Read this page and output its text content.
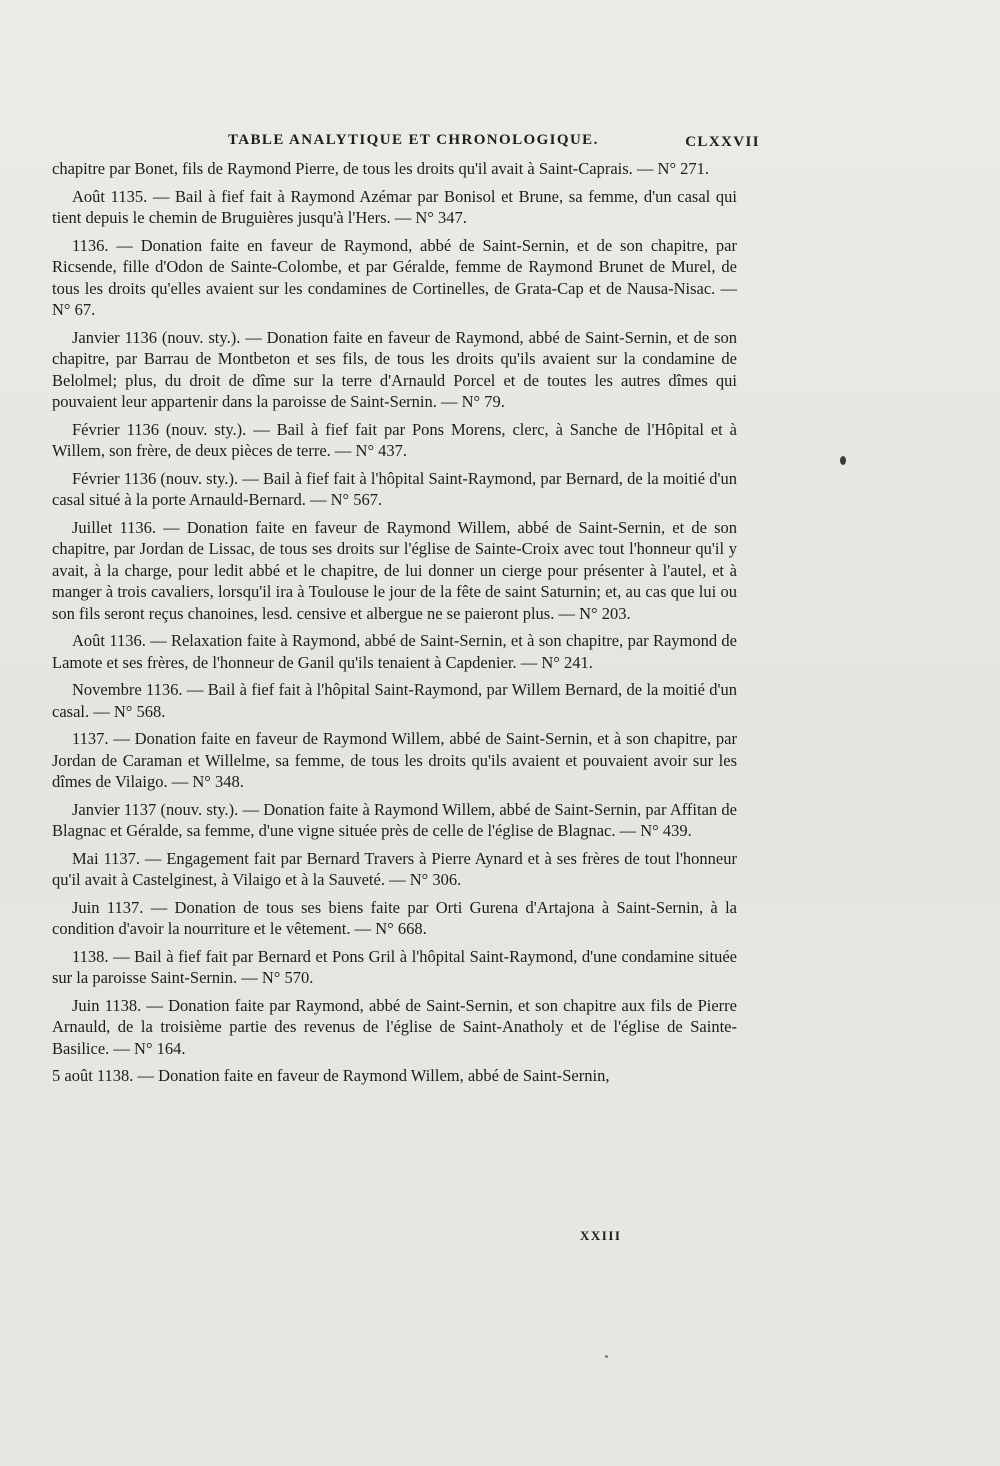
TABLE ANALYTIQUE ET CHRONOLOGIQUE.	CLXXVII

chapitre par Bonet, fils de Raymond Pierre, de tous les droits qu'il avait à Saint-Caprais. — N° 271.

Août 1135. — Bail à fief fait à Raymond Azémar par Bonisol et Brune, sa femme, d'un casal qui tient depuis le chemin de Bruguières jusqu'à l'Hers. — N° 347.

1136. — Donation faite en faveur de Raymond, abbé de Saint-Sernin, et de son chapitre, par Ricsende, fille d'Odon de Sainte-Colombe, et par Géralde, femme de Raymond Brunet de Murel, de tous les droits qu'elles avaient sur les condamines de Cortinelles, de Grata-Cap et de Nausa-Nisac. — N° 67.

Janvier 1136 (nouv. sty.). — Donation faite en faveur de Raymond, abbé de Saint-Sernin, et de son chapitre, par Barrau de Montbeton et ses fils, de tous les droits qu'ils avaient sur la condamine de Belolmel; plus, du droit de dîme sur la terre d'Arnauld Porcel et de toutes les autres dîmes qui pouvaient leur appartenir dans la paroisse de Saint-Sernin. — N° 79.

Février 1136 (nouv. sty.). — Bail à fief fait par Pons Morens, clerc, à Sanche de l'Hôpital et à Willem, son frère, de deux pièces de terre. — N° 437.

Février 1136 (nouv. sty.). — Bail à fief fait à l'hôpital Saint-Raymond, par Bernard, de la moitié d'un casal situé à la porte Arnauld-Bernard. — N° 567.

Juillet 1136. — Donation faite en faveur de Raymond Willem, abbé de Saint-Sernin, et de son chapitre, par Jordan de Lissac, de tous ses droits sur l'église de Sainte-Croix avec tout l'honneur qu'il y avait, à la charge, pour ledit abbé et le chapitre, de lui donner un cierge pour présenter à l'autel, et à manger à trois cavaliers, lorsqu'il ira à Toulouse le jour de la fête de saint Saturnin; et, au cas que lui ou son fils seront reçus chanoines, lesd. censive et albergue ne se paieront plus. — N° 203.

Août 1136. — Relaxation faite à Raymond, abbé de Saint-Sernin, et à son chapitre, par Raymond de Lamote et ses frères, de l'honneur de Ganil qu'ils tenaient à Capdenier. — N° 241.

Novembre 1136. — Bail à fief fait à l'hôpital Saint-Raymond, par Willem Bernard, de la moitié d'un casal. — N° 568.

1137. — Donation faite en faveur de Raymond Willem, abbé de Saint-Sernin, et à son chapitre, par Jordan de Caraman et Willelme, sa femme, de tous les droits qu'ils avaient et pouvaient avoir sur les dîmes de Vilaigo. — N° 348.

Janvier 1137 (nouv. sty.). — Donation faite à Raymond Willem, abbé de Saint-Sernin, par Affitan de Blagnac et Géralde, sa femme, d'une vigne située près de celle de l'église de Blagnac. — N° 439.

Mai 1137. — Engagement fait par Bernard Travers à Pierre Aynard et à ses frères de tout l'honneur qu'il avait à Castelginest, à Vilaigo et à la Sauveté. — N° 306.

Juin 1137. — Donation de tous ses biens faite par Orti Gurena d'Artajona à Saint-Sernin, à la condition d'avoir la nourriture et le vêtement. — N° 668.

1138. — Bail à fief fait par Bernard et Pons Gril à l'hôpital Saint-Raymond, d'une condamine située sur la paroisse Saint-Sernin. — N° 570.

Juin 1138. — Donation faite par Raymond, abbé de Saint-Sernin, et son chapitre aux fils de Pierre Arnauld, de la troisième partie des revenus de l'église de Saint-Anatholy et de l'église de Sainte-Basilice. — N° 164.

5 août 1138. — Donation faite en faveur de Raymond Willem, abbé de Saint-Sernin,

XXIII
